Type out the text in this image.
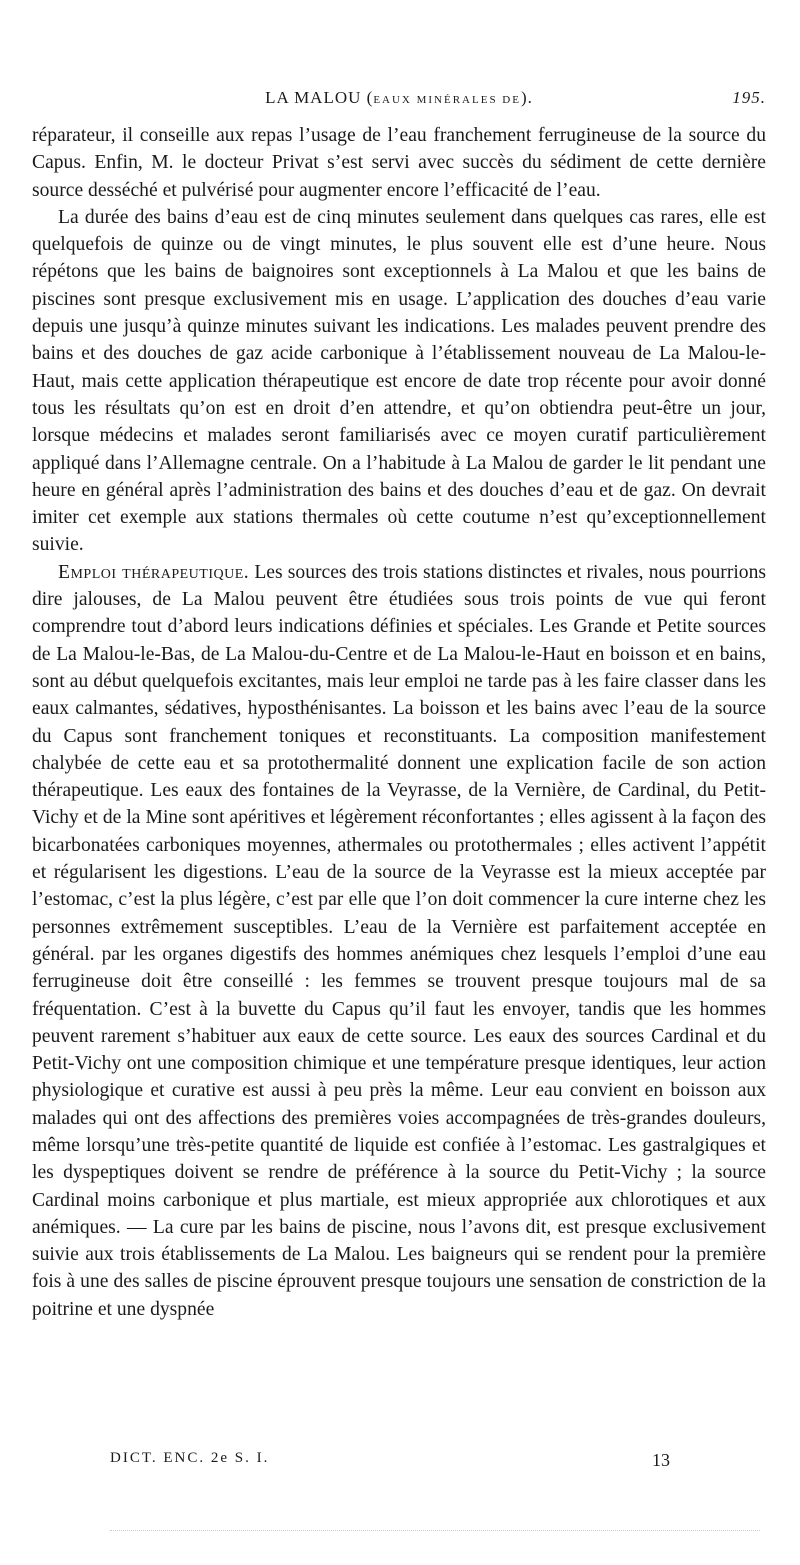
LA MALOU (EAUX MINÉRALES DE).	195.

réparateur, il conseille aux repas l’usage de l’eau franchement ferrugineuse de la source du Capus. Enfin, M. le docteur Privat s’est servi avec succès du sédiment de cette dernière source desséché et pulvérisé pour augmenter encore l’efficacité de l’eau.

La durée des bains d’eau est de cinq minutes seulement dans quelques cas rares, elle est quelquefois de quinze ou de vingt minutes, le plus souvent elle est d’une heure. Nous répétons que les bains de baignoires sont exceptionnels à La Malou et que les bains de piscines sont presque exclusivement mis en usage. L’application des douches d’eau varie depuis une jusqu’à quinze minutes suivant les indications. Les malades peuvent prendre des bains et des douches de gaz acide carbonique à l’établissement nouveau de La Malou-le-Haut, mais cette application thérapeutique est encore de date trop récente pour avoir donné tous les résultats qu’on est en droit d’en attendre, et qu’on obtiendra peut-être un jour, lorsque médecins et malades seront familiarisés avec ce moyen curatif particulièrement appliqué dans l’Allemagne centrale. On a l’habitude à La Malou de garder le lit pendant une heure en général après l’administration des bains et des douches d’eau et de gaz. On devrait imiter cet exemple aux stations thermales où cette coutume n’est qu’exceptionnellement suivie.

Emploi thérapeutique. Les sources des trois stations distinctes et rivales, nous pourrions dire jalouses, de La Malou peuvent être étudiées sous trois points de vue qui feront comprendre tout d’abord leurs indications définies et spéciales. Les Grande et Petite sources de La Malou-le-Bas, de La Malou-du-Centre et de La Malou-le-Haut en boisson et en bains, sont au début quelquefois excitantes, mais leur emploi ne tarde pas à les faire classer dans les eaux calmantes, sédatives, hyposthénisantes. La boisson et les bains avec l’eau de la source du Capus sont franchement toniques et reconstituants. La composition manifestement chalybée de cette eau et sa protothermalité donnent une explication facile de son action thérapeutique. Les eaux des fontaines de la Veyrasse, de la Vernière, de Cardinal, du Petit-Vichy et de la Mine sont apéritives et légèrement réconfortantes ; elles agissent à la façon des bicarbonatées carboniques moyennes, athermales ou protothermales ; elles activent l’appétit et régularisent les digestions. L’eau de la source de la Veyrasse est la mieux acceptée par l’estomac, c’est la plus légère, c’est par elle que l’on doit commencer la cure interne chez les personnes extrêmement susceptibles. L’eau de la Vernière est parfaitement acceptée en général. par les organes digestifs des hommes anémiques chez lesquels l’emploi d’une eau ferrugineuse doit être conseillé : les femmes se trouvent presque toujours mal de sa fréquentation. C’est à la buvette du Capus qu’il faut les envoyer, tandis que les hommes peuvent rarement s’habituer aux eaux de cette source. Les eaux des sources Cardinal et du Petit-Vichy ont une composition chimique et une température presque identiques, leur action physiologique et curative est aussi à peu près la même. Leur eau convient en boisson aux malades qui ont des affections des premières voies accompagnées de très-grandes douleurs, même lorsqu’une très-petite quantité de liquide est confiée à l’estomac. Les gastralgiques et les dyspeptiques doivent se rendre de préférence à la source du Petit-Vichy ; la source Cardinal moins carbonique et plus martiale, est mieux appropriée aux chlorotiques et aux anémiques. — La cure par les bains de piscine, nous l’avons dit, est presque exclusivement suivie aux trois établissements de La Malou. Les baigneurs qui se rendent pour la première fois à une des salles de piscine éprouvent presque toujours une sensation de constriction de la poitrine et une dyspnée

DICT. ENC. 2e S. I.	13
